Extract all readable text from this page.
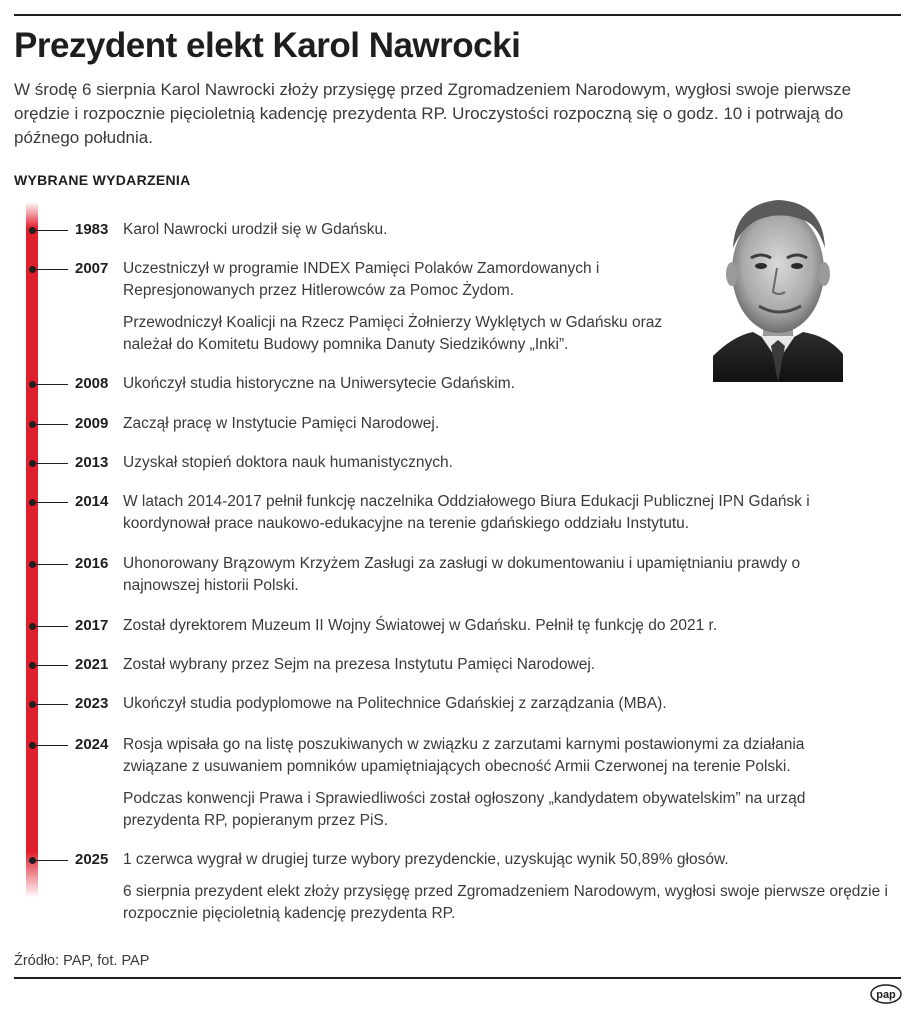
Prezydent elekt Karol Nawrocki

W środę 6 sierpnia Karol Nawrocki złoży przysięgę przed Zgromadzeniem Narodowym, wygłosi swoje pierwsze orędzie i rozpocznie pięcioletnią kadencję prezydenta RP. Uroczystości rozpoczną się o godz. 10 i potrwają do późnego południa.

WYBRANE WYDARZENIA
1983 Karol Nawrocki urodził się w Gdańsku.

2007 Uczestniczył w programie INDEX Pamięci Polaków Zamordowanych i Represjonowanych przez Hitlerowców za Pomoc Żydom.

Przewodniczył Koalicji na Rzecz Pamięci Żołnierzy Wyklętych w Gdańsku oraz należał do Komitetu Budowy pomnika Danuty Siedzikówny „Inki”.

2008 Ukończył studia historyczne na Uniwersytecie Gdańskim.

2009 Zaczął pracę w Instytucie Pamięci Narodowej.

2013 Uzyskał stopień doktora nauk humanistycznych.

2014 W latach 2014-2017 pełnił funkcję naczelnika Oddziałowego Biura Edukacji Publicznej IPN Gdańsk i koordynował prace naukowo-edukacyjne na terenie gdańskiego oddziału Instytutu.

2016 Uhonorowany Brązowym Krzyżem Zasługi za zasługi w dokumentowaniu i upamiętnianiu prawdy o najnowszej historii Polski.

2017 Został dyrektorem Muzeum II Wojny Światowej w Gdańsku. Pełnił tę funkcję do 2021 r.

2021 Został wybrany przez Sejm na prezesa Instytutu Pamięci Narodowej.

2023 Ukończył studia podyplomowe na Politechnice Gdańskiej z zarządzania (MBA).

2024 Rosja wpisała go na listę poszukiwanych w związku z zarzutami karnymi postawionymi za działania związane z usuwaniem pomników upamiętniających obecność Armii Czerwonej na terenie Polski.

Podczas konwencji Prawa i Sprawiedliwości został ogłoszony „kandydatem obywatelskim” na urząd prezydenta RP, popieranym przez PiS.

2025 1 czerwca wygrał w drugiej turze wybory prezydenckie, uzyskując wynik 50,89% głosów.

6 sierpnia prezydent elekt złoży przysięgę przed Zgromadzeniem Narodowym, wygłosi swoje pierwsze orędzie i rozpocznie pięcioletnią kadencję prezydenta RP.

Źródło: PAP, fot. PAP
pap
